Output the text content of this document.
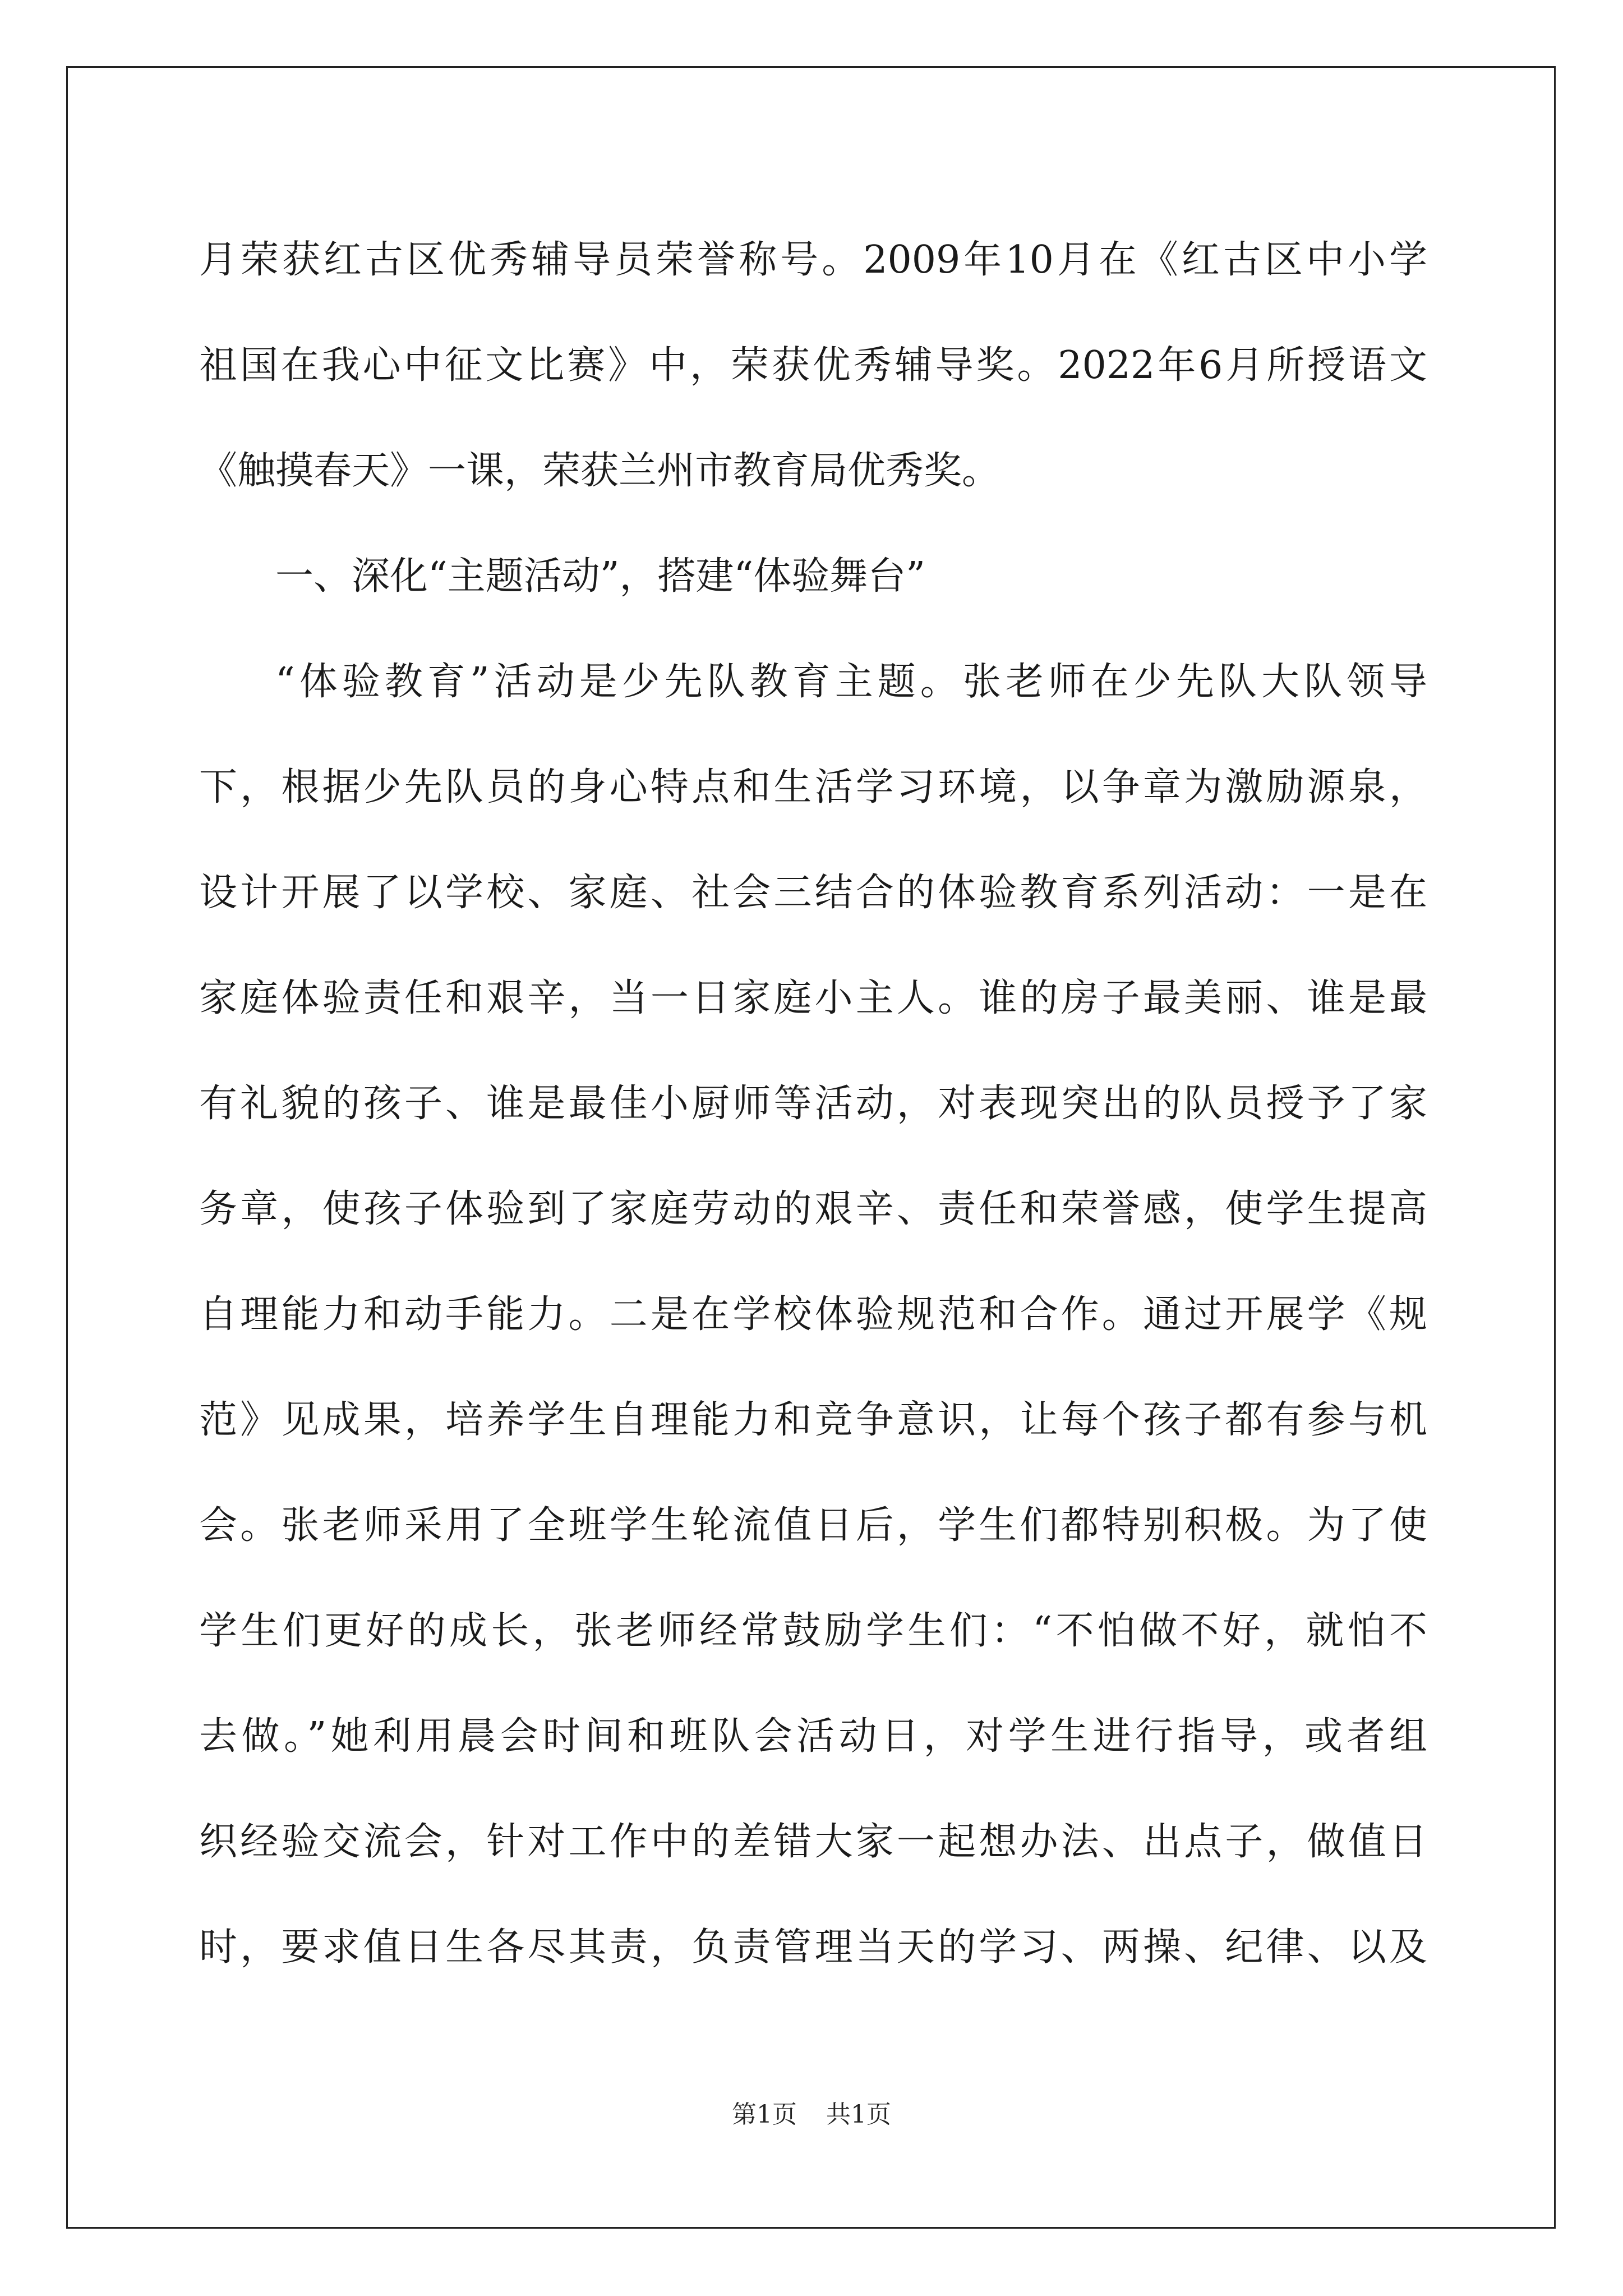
月荣获红古区优秀辅导员荣誉称号。2009年10月在《红古区中小学
祖国在我心中征文比赛》中，荣获优秀辅导奖。2022年6月所授语文
《触摸春天》一课，荣获兰州市教育局优秀奖。
一、深化“主题活动”，搭建“体验舞台”
“体验教育”活动是少先队教育主题。张老师在少先队大队领导
下，根据少先队员的身心特点和生活学习环境，以争章为激励源泉，
设计开展了以学校、家庭、社会三结合的体验教育系列活动：一是在
家庭体验责任和艰辛，当一日家庭小主人。谁的房子最美丽、谁是最
有礼貌的孩子、谁是最佳小厨师等活动，对表现突出的队员授予了家
务章，使孩子体验到了家庭劳动的艰辛、责任和荣誉感，使学生提高
自理能力和动手能力。二是在学校体验规范和合作。通过开展学《规
范》见成果，培养学生自理能力和竞争意识，让每个孩子都有参与机
会。张老师采用了全班学生轮流值日后，学生们都特别积极。为了使
学生们更好的成长，张老师经常鼓励学生们：“不怕做不好，就怕不
去做。”她利用晨会时间和班队会活动日，对学生进行指导，或者组
织经验交流会，针对工作中的差错大家一起想办法、出点子，做值日
时，要求值日生各尽其责，负责管理当天的学习、两操、纪律、以及
第1页 共1页
